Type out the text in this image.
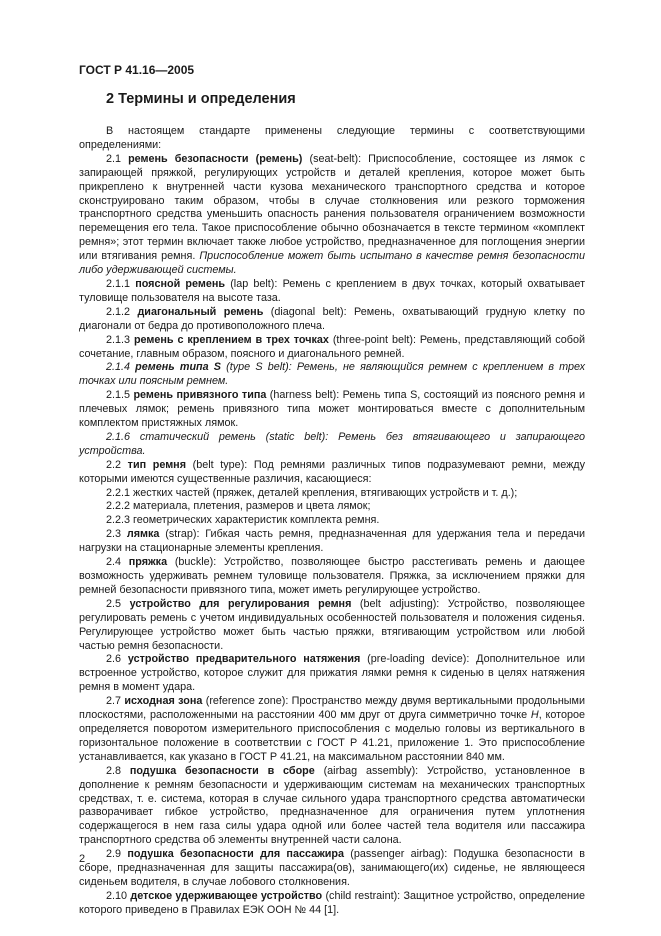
ГОСТ Р 41.16—2005
2 Термины и определения

В настоящем стандарте применены следующие термины с соответствующими определениями:

2.1 ремень безопасности (ремень) (seat-belt): Приспособление, состоящее из лямок с запирающей пряжкой, регулирующих устройств и деталей крепления, которое может быть прикреплено к внутренней части кузова механического транспортного средства и которое сконструировано таким образом, чтобы в случае столкновения или резкого торможения транспортного средства уменьшить опасность ранения пользователя ограничением возможности перемещения его тела. Такое приспособление обычно обозначается в тексте термином «комплект ремня»; этот термин включает также любое устройство, предназначенное для поглощения энергии или втягивания ремня. Приспособление может быть испытано в качестве ремня безопасности либо удерживающей системы.

2.1.1 поясной ремень (lap belt): Ремень с креплением в двух точках, который охватывает туловище пользователя на высоте таза.

2.1.2 диагональный ремень (diagonal belt): Ремень, охватывающий грудную клетку по диагонали от бедра до противоположного плеча.

2.1.3 ремень с креплением в трех точках (three-point belt): Ремень, представляющий собой сочетание, главным образом, поясного и диагонального ремней.

2.1.4 ремень типа S (type S belt): Ремень, не являющийся ремнем с креплением в трех точках или поясным ремнем.

2.1.5 ремень привязного типа (harness belt): Ремень типа S, состоящий из поясного ремня и плечевых лямок; ремень привязного типа может монтироваться вместе с дополнительным комплектом пристяжных лямок.

2.1.6 статический ремень (static belt): Ремень без втягивающего и запирающего устройства.

2.2 тип ремня (belt type): Под ремнями различных типов подразумевают ремни, между которыми имеются существенные различия, касающиеся:

2.2.1 жестких частей (пряжек, деталей крепления, втягивающих устройств и т. д.);

2.2.2 материала, плетения, размеров и цвета лямок;

2.2.3 геометрических характеристик комплекта ремня.

2.3 лямка (strap): Гибкая часть ремня, предназначенная для удержания тела и передачи нагрузки на стационарные элементы крепления.

2.4 пряжка (buckle): Устройство, позволяющее быстро расстегивать ремень и дающее возможность удерживать ремнем туловище пользователя. Пряжка, за исключением пряжки для ремней безопасности привязного типа, может иметь регулирующее устройство.

2.5 устройство для регулирования ремня (belt adjusting): Устройство, позволяющее регулировать ремень с учетом индивидуальных особенностей пользователя и положения сиденья. Регулирующее устройство может быть частью пряжки, втягивающим устройством или любой частью ремня безопасности.

2.6 устройство предварительного натяжения (pre-loading device): Дополнительное или встроенное устройство, которое служит для прижатия лямки ремня к сиденью в целях натяжения ремня в момент удара.

2.7 исходная зона (reference zone): Пространство между двумя вертикальными продольными плоскостями, расположенными на расстоянии 400 мм друг от друга симметрично точке H, которое определяется поворотом измерительного приспособления с моделью головы из вертикального в горизонтальное положение в соответствии с ГОСТ Р 41.21, приложение 1. Это приспособление устанавливается, как указано в ГОСТ Р 41.21, на максимальном расстоянии 840 мм.

2.8 подушка безопасности в сборе (airbag assembly): Устройство, установленное в дополнение к ремням безопасности и удерживающим системам на механических транспортных средствах, т. е. система, которая в случае сильного удара транспортного средства автоматически разворачивает гибкое устройство, предназначенное для ограничения путем уплотнения содержащегося в нем газа силы удара одной или более частей тела водителя или пассажира транспортного средства об элементы внутренней части салона.

2.9 подушка безопасности для пассажира (passenger airbag): Подушка безопасности в сборе, предназначенная для защиты пассажира(ов), занимающего(их) сиденье, не являющееся сиденьем водителя, в случае лобового столкновения.

2.10 детское удерживающее устройство (child restraint): Защитное устройство, определение которого приведено в Правилах ЕЭК ООН № 44 [1].

2
